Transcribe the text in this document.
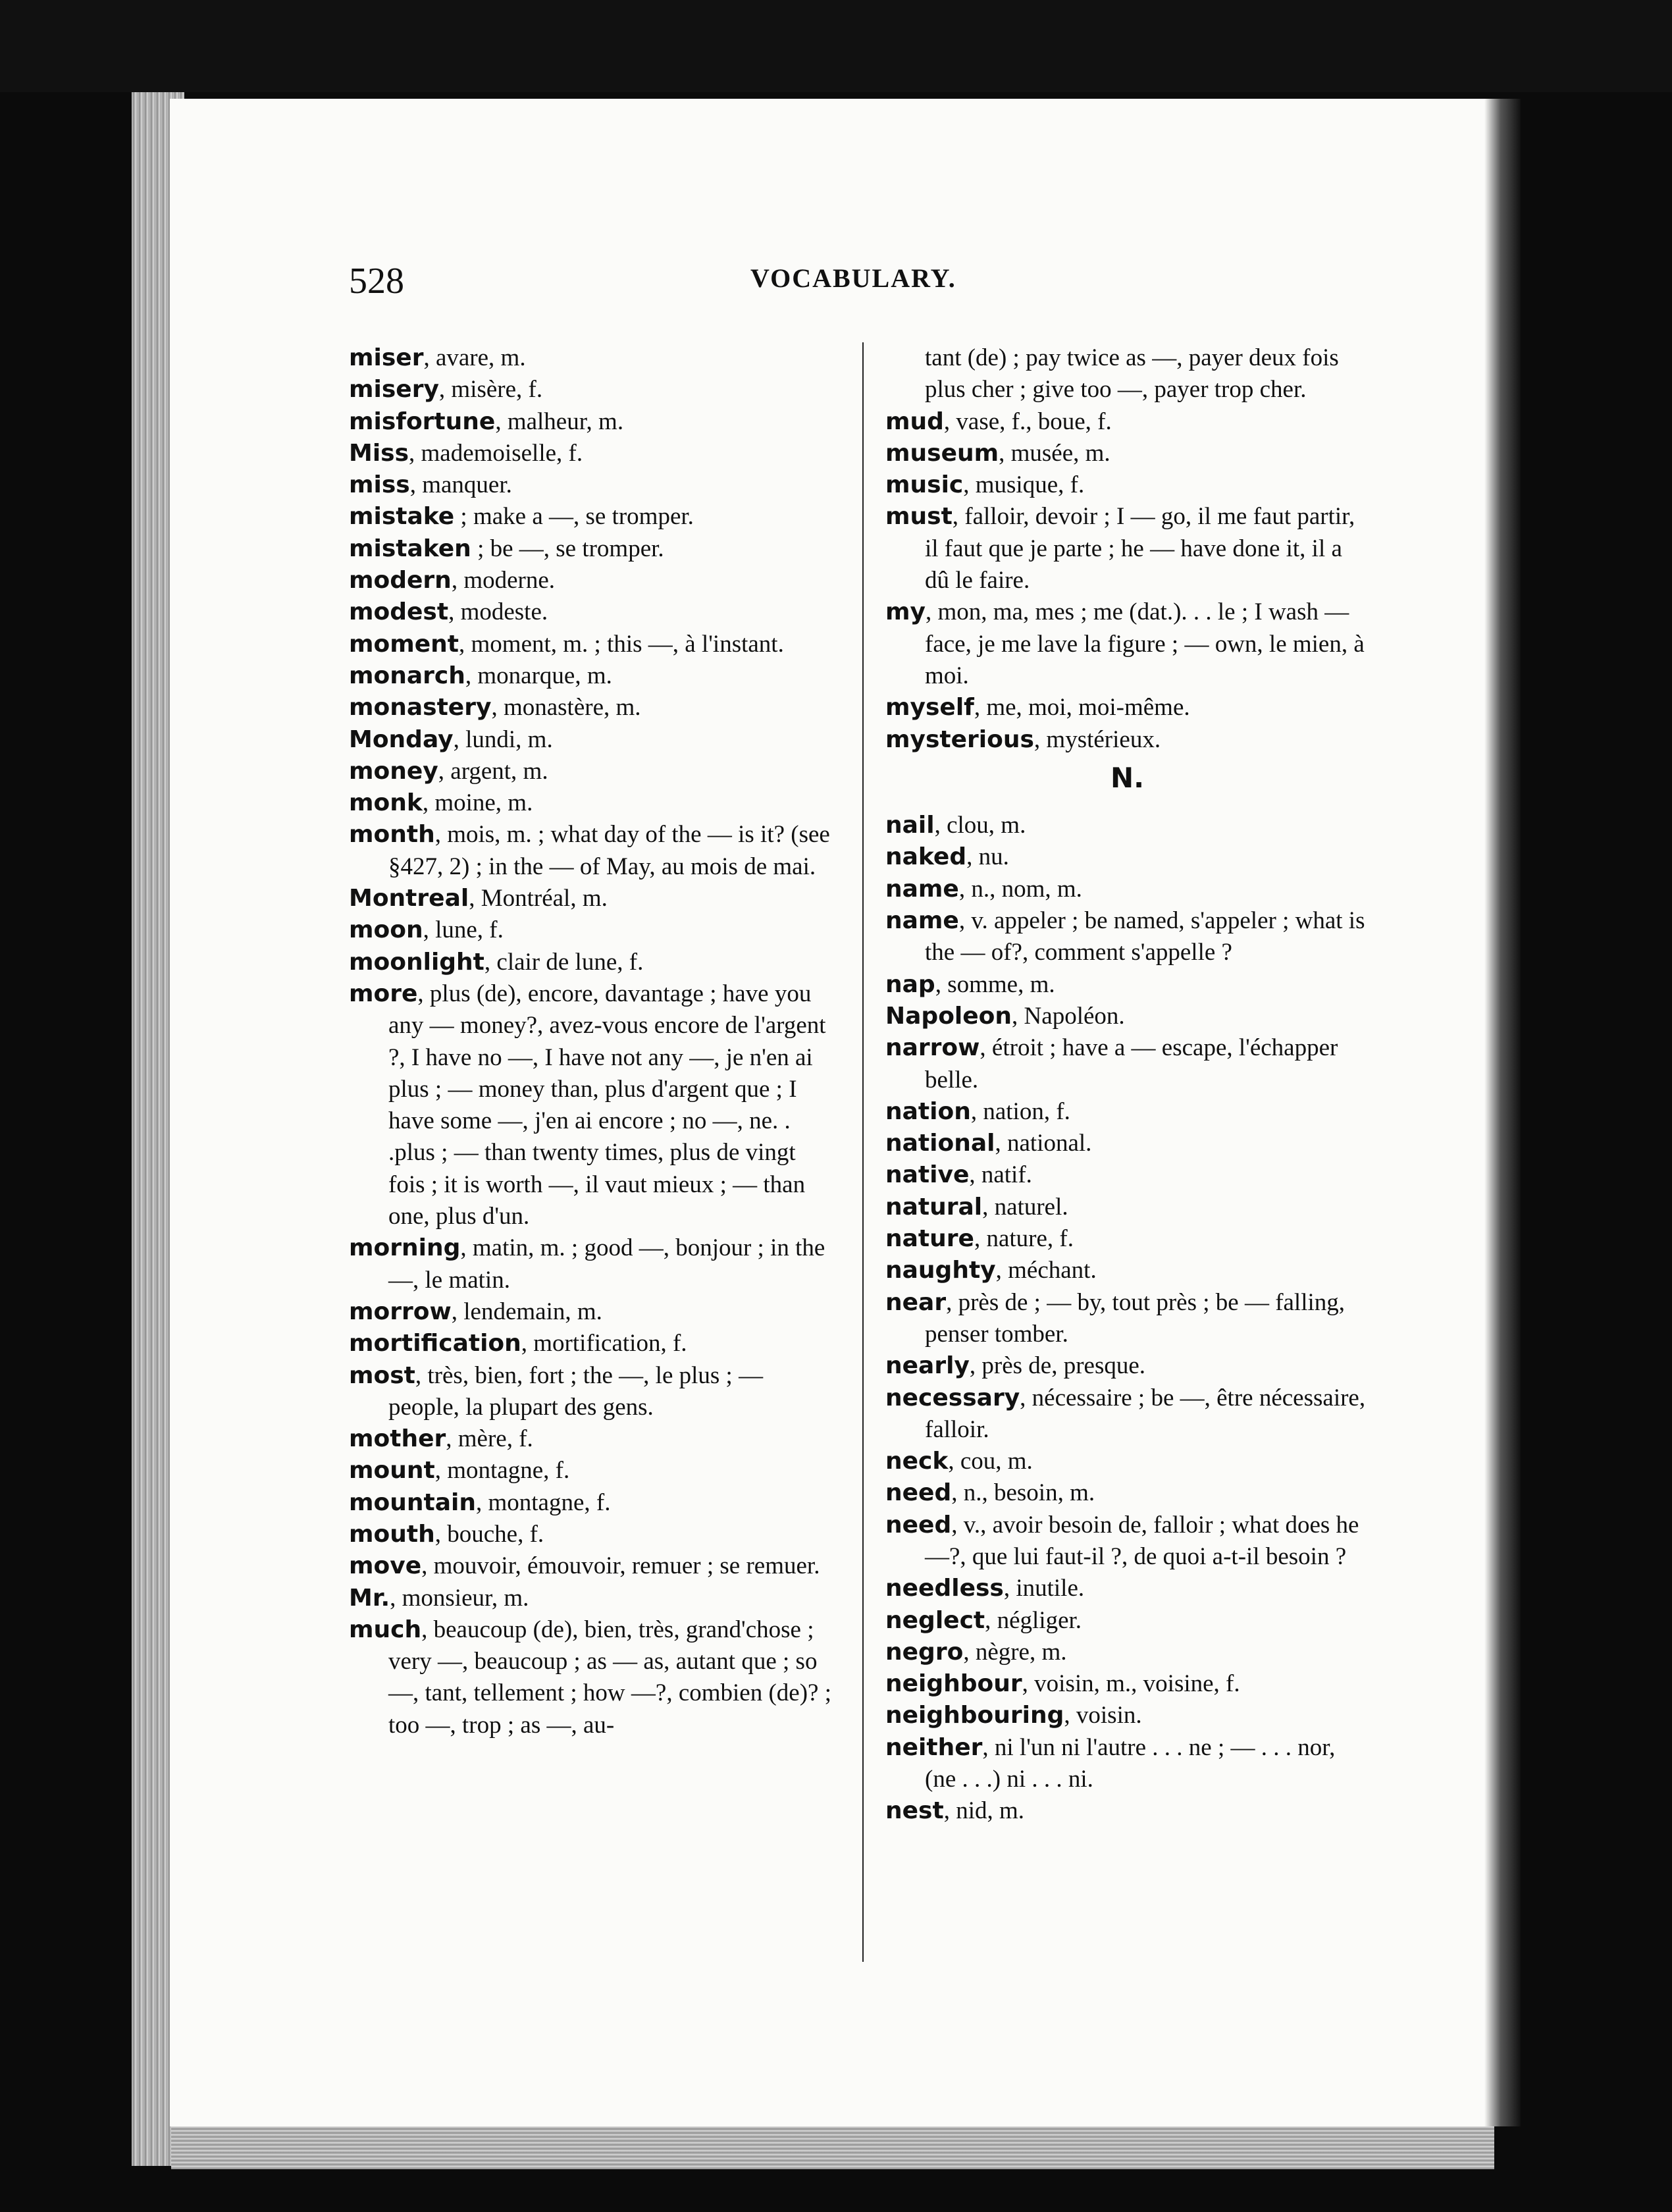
528	VOCABULARY.

miser, avare, m.

misery, misère, f.

misfortune, malheur, m.

Miss, mademoiselle, f.

miss, manquer.

mistake ; make a —, se tromper.

mistaken ; be —, se tromper.

modern, moderne.

modest, modeste.

moment, moment, m. ; this —, à l'instant.

monarch, monarque, m.

monastery, monastère, m.

Monday, lundi, m.

money, argent, m.

monk, moine, m.

month, mois, m. ; what day of the — is it? (see §427, 2) ; in the — of May, au mois de mai.

Montreal, Montréal, m.

moon, lune, f.

moonlight, clair de lune, f.

more, plus (de), encore, davantage ; have you any — money?, avez-vous encore de l'argent ?, I have no —, I have not any —, je n'en ai plus ; — money than, plus d'argent que ; I have some —, j'en ai encore ; no —, ne. . .plus ; — than twenty times, plus de vingt fois ; it is worth —, il vaut mieux ; — than one, plus d'un.

morning, matin, m. ; good —, bonjour ; in the —, le matin.

morrow, lendemain, m.

mortification, mortification, f.

most, très, bien, fort ; the —, le plus ; — people, la plupart des gens.

mother, mère, f.

mount, montagne, f.

mountain, montagne, f.

mouth, bouche, f.

move, mouvoir, émouvoir, remuer ; se remuer.

Mr., monsieur, m.

much, beaucoup (de), bien, très, grand'chose ; very —, beaucoup ; as — as, autant que ; so —, tant, tellement ; how —?, combien (de)? ; too —, trop ; as —, au-

tant (de) ; pay twice as —, payer deux fois plus cher ; give too —, payer trop cher.

mud, vase, f., boue, f.

museum, musée, m.

music, musique, f.

must, falloir, devoir ; I — go, il me faut partir, il faut que je parte ; he — have done it, il a dû le faire.

my, mon, ma, mes ; me (dat.). . . le ; I wash — face, je me lave la figure ; — own, le mien, à moi.

myself, me, moi, moi-même.

mysterious, mystérieux.

N.

nail, clou, m.

naked, nu.

name, n., nom, m.

name, v. appeler ; be named, s'appeler ; what is the — of?, comment s'appelle ?

nap, somme, m.

Napoleon, Napoléon.

narrow, étroit ; have a — escape, l'échapper belle.

nation, nation, f.

national, national.

native, natif.

natural, naturel.

nature, nature, f.

naughty, méchant.

near, près de ; — by, tout près ; be — falling, penser tomber.

nearly, près de, presque.

necessary, nécessaire ; be —, être nécessaire, falloir.

neck, cou, m.

need, n., besoin, m.

need, v., avoir besoin de, falloir ; what does he —?, que lui faut-il ?, de quoi a-t-il besoin ?

needless, inutile.

neglect, négliger.

negro, nègre, m.

neighbour, voisin, m., voisine, f.

neighbouring, voisin.

neither, ni l'un ni l'autre . . . ne ; — . . . nor, (ne . . .) ni . . . ni.

nest, nid, m.
